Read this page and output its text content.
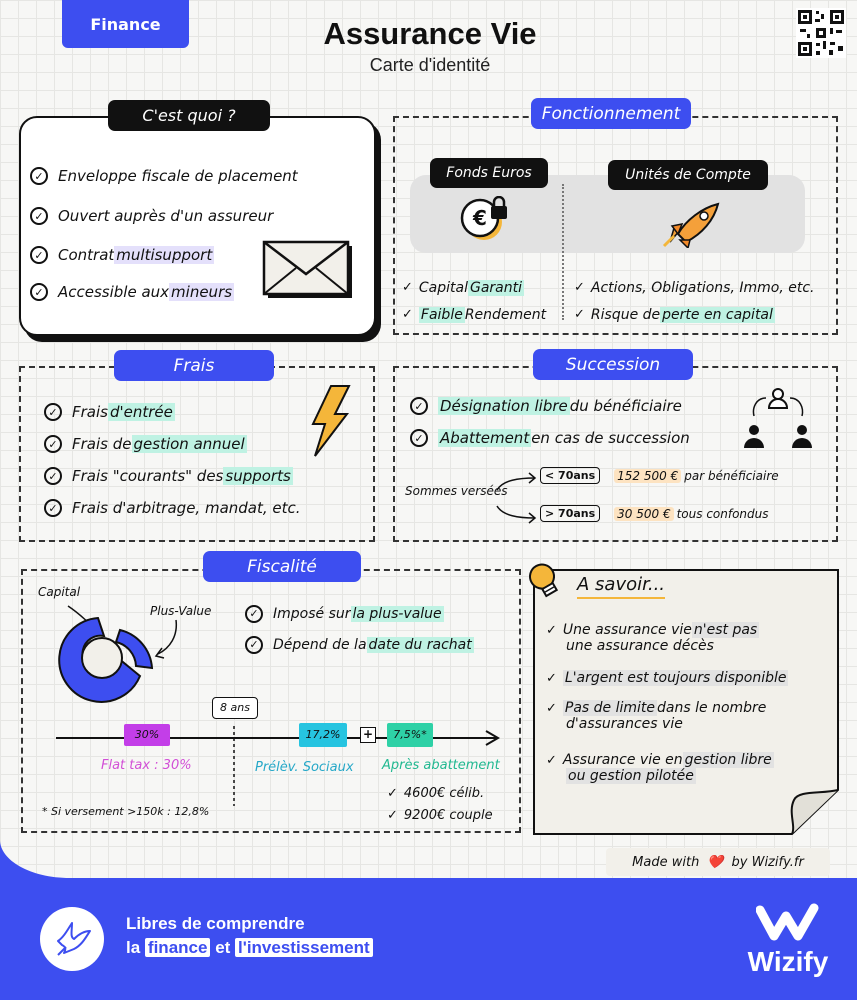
Finance	Assurance Vie
Carte d'identité
C'est quoi ?
✓ Enveloppe fiscale de placement
✓ Ouvert auprès d'un assureur
✓ Contrat multisupport
✓ Accessible aux mineurs
Fonctionnement
Fonds Euros	Unités de Compte
€
✓ Capital Garanti
✓ Faible Rendement
✓ Actions, Obligations, Immo, etc.
✓ Risque de perte en capital
Frais
✓ Frais d'entrée
✓ Frais de gestion annuel
✓ Frais "courants" des supports
✓ Frais d'arbitrage, mandat, etc.
Succession
✓ Désignation libre du bénéficiaire
✓ Abattement en cas de succession
Sommes versées
< 70ans	152 500 € par bénéficiaire
> 70ans	30 500 € tous confondus
Fiscalité
Capital
Plus-Value	✓	Imposé sur la plus-value
✓	Dépend de la date du rachat
8 ans
30%	17,2%	+	7,5%*
Flat tax : 30%	Prélèv. Sociaux Après abattement
✓ 4600€ célib.
✓ 9200€ couple
* Si versement >150k : 12,8%
A savoir...
✓ Une assurance vie n'est pas
une assurance décès
✓ L'argent est toujours disponible
✓ Pas de limite dans le nombre
d'assurances vie
✓ Assurance vie en gestion libre
ou gestion pilotée
Made with ❤️ by Wizify.fr
Libres de comprendre
la finance et l'investissement	Wizify
